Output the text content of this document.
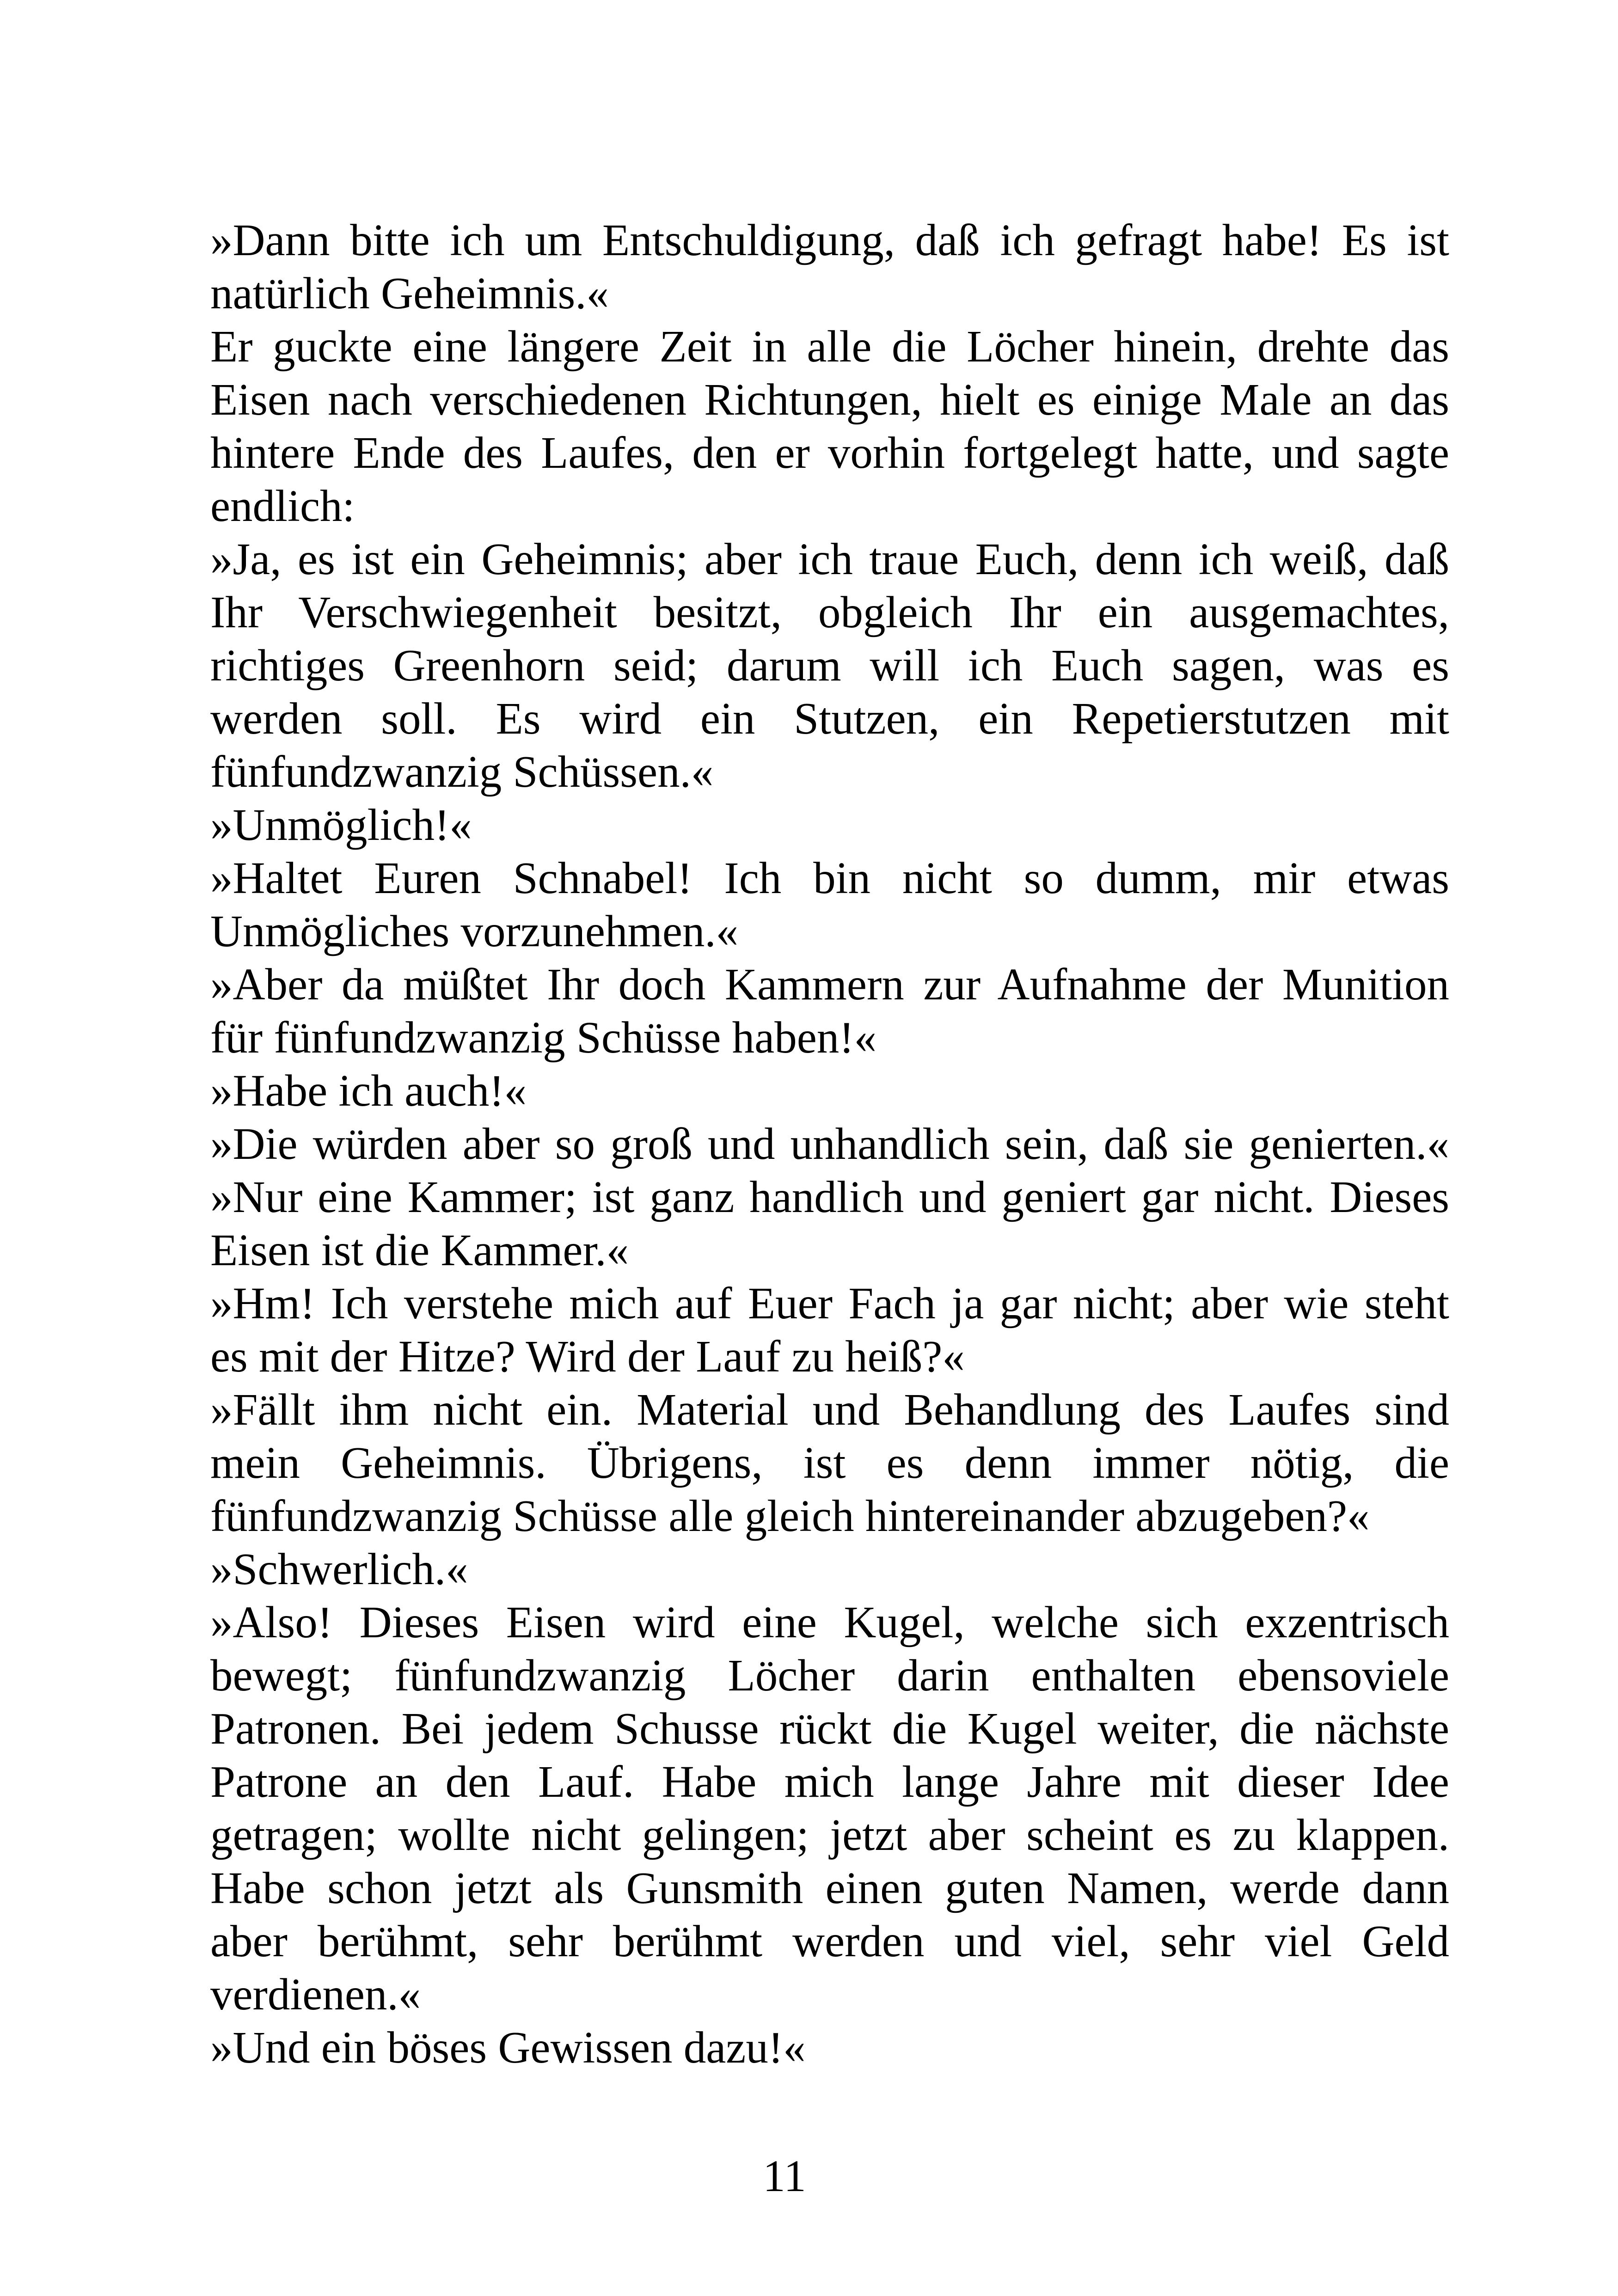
»Dann bitte ich um Entschuldigung, daß ich gefragt habe! Es ist
natürlich Geheimnis.«
Er guckte eine längere Zeit in alle die Löcher hinein, drehte das
Eisen nach verschiedenen Richtungen, hielt es einige Male an das
hintere Ende des Laufes, den er vorhin fortgelegt hatte, und sagte
endlich:
»Ja, es ist ein Geheimnis; aber ich traue Euch, denn ich weiß, daß
Ihr Verschwiegenheit besitzt, obgleich Ihr ein ausgemachtes,
richtiges Greenhorn seid; darum will ich Euch sagen, was es
werden soll. Es wird ein Stutzen, ein Repetierstutzen mit
fünfundzwanzig Schüssen.«
»Unmöglich!«
»Haltet Euren Schnabel! Ich bin nicht so dumm, mir etwas
Unmögliches vorzunehmen.«
»Aber da müßtet Ihr doch Kammern zur Aufnahme der Munition
für fünfundzwanzig Schüsse haben!«
»Habe ich auch!«
»Die würden aber so groß und unhandlich sein, daß sie genierten.«
»Nur eine Kammer; ist ganz handlich und geniert gar nicht. Dieses
Eisen ist die Kammer.«
»Hm! Ich verstehe mich auf Euer Fach ja gar nicht; aber wie steht
es mit der Hitze? Wird der Lauf zu heiß?«
»Fällt ihm nicht ein. Material und Behandlung des Laufes sind
mein Geheimnis. Übrigens, ist es denn immer nötig, die
fünfundzwanzig Schüsse alle gleich hintereinander abzugeben?«
»Schwerlich.«
»Also! Dieses Eisen wird eine Kugel, welche sich exzentrisch
bewegt; fünfundzwanzig Löcher darin enthalten ebensoviele
Patronen. Bei jedem Schusse rückt die Kugel weiter, die nächste
Patrone an den Lauf. Habe mich lange Jahre mit dieser Idee
getragen; wollte nicht gelingen; jetzt aber scheint es zu klappen.
Habe schon jetzt als Gunsmith einen guten Namen, werde dann
aber berühmt, sehr berühmt werden und viel, sehr viel Geld
verdienen.«
»Und ein böses Gewissen dazu!«
11
